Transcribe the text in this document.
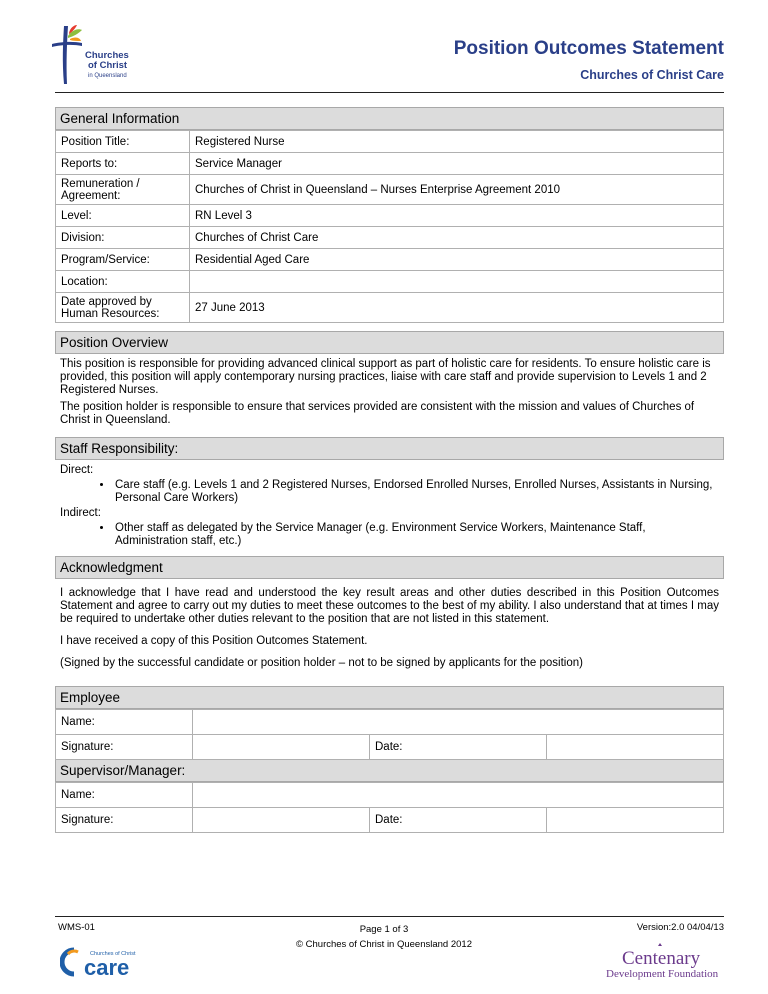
Churches
of Christ
in Queensland
Position Outcomes Statement
Churches of Christ Care
General Information
Position Title:	Registered Nurse
Reports to:	Service Manager
Remuneration / Agreement:	Churches of Christ in Queensland – Nurses Enterprise Agreement 2010
Level:	RN Level 3
Division:	Churches of Christ Care
Program/Service:	Residential Aged Care
Location:	
Date approved by Human Resources:	27 June 2013
Position Overview

This position is responsible for providing advanced clinical support as part of holistic care for residents. To ensure holistic care is provided, this position will apply contemporary nursing practices, liaise with care staff and provide supervision to Levels 1 and 2 Registered Nurses.

The position holder is responsible to ensure that services provided are consistent with the mission and values of Churches of Christ in Queensland.

Staff Responsibility:
Direct:
• Care staff (e.g. Levels 1 and 2 Registered Nurses, Endorsed Enrolled Nurses, Enrolled Nurses, Assistants in Nursing, Personal Care Workers)
Indirect:
• Other staff as delegated by the Service Manager (e.g. Environment Service Workers, Maintenance Staff, Administration staff, etc.)
Acknowledgment

I acknowledge that I have read and understood the key result areas and other duties described in this Position Outcomes Statement and agree to carry out my duties to meet these outcomes to the best of my ability. I also understand that at times I may be required to undertake other duties relevant to the position that are not listed in this statement.

I have received a copy of this Position Outcomes Statement.

(Signed by the successful candidate or position holder – not to be signed by applicants for the position)

Employee
Name:			
Signature:		Date:	
Supervisor/Manager:
Name:			
Signature:		Date:	
WMS-01	Page 1 of 3
© Churches of Christ in Queensland 2012
Version:2.0 04/04/13
Churches of Christ
care	Centenary
Development Foundation
